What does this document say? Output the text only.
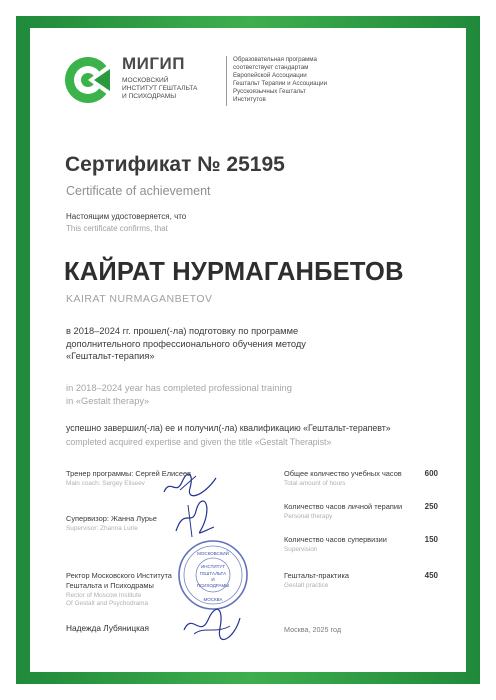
МИГИП
МОСКОВСКИЙ
ИНСТИТУТ ГЕШТАЛЬТА
И ПСИХОДРАМЫ
Образовательная программа
соответствует стандартам
Европейской Ассоциации
Гештальт Терапии и Ассоциации
Русскоязычных Гештальт
Институтов
Сертификат № 25195
Certificate of achievement
Настоящим удостоверяется, что
This certificate confirms, that
КАЙРАТ НУРМАГАНБЕТОВ
KAIRAT NURMAGANBETOV
в 2018–2024 гг. прошел(-ла) подготовку по программе
дополнительного профессионального обучения методу
«Гештальт-терапия»
in 2018–2024 year has completed professional training
in «Gestalt therapy»
успешно завершил(-ла) ее и получил(-ла) квалификацию «Гештальт-терапевт»
completed acquired expertise and given the title «Gestalt Therapist»
Тренер программы: Сергей Елисеев
Main coach: Sergey Eliseev
Супервизор: Жанна Лурье
Supervisor: Zhanna Lurie
Ректор Московского Института
Гештальта и Психодрамы
Rector of Moscow Institute
Of Gestalt and Psychodrama
Надежда Лубяницкая
МОСКОВСКИЙ
ИНСТИТУТ
ГЕШТАЛЬТА
И
ПСИХОДРАМЫ
МОСКВА
Общее количество учебных часов
Total amount of hours
600
Количество часов личной терапии
Personal therapy
250
Количество часов супервизии
Supervision
150
Гештальт-практика
Gestalt practice
450
Москва, 2025 год
